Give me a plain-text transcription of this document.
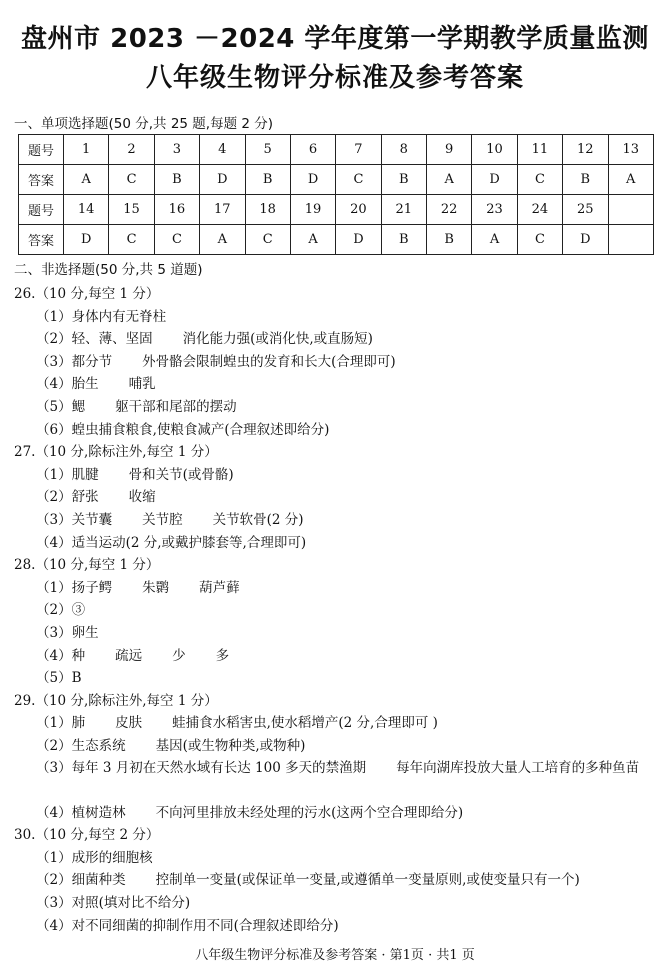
盘州市 2023 －2024 学年度第一学期教学质量监测
八年级生物评分标准及参考答案
一、单项选择题(50 分,共 25 题,每题 2 分)
题号	1	2	3	4	5	6	7	8	9	10	11	12	13
答案	A	C	B	D	B	D	C	B	A	D	C	B	A
题号	14	15	16	17	18	19	20	21	22	23	24	25	
答案	D	C	C	A	C	A	D	B	B	A	C	D	
二、非选择题(50 分,共 5 道题)
26.（10 分,每空 1 分）
（1）身体内有无脊柱
（2）轻、薄、坚固 消化能力强(或消化快,或直肠短)
（3）都分节 外骨骼会限制蝗虫的发育和长大(合理即可)
（4）胎生 哺乳
（5）鳃 躯干部和尾部的摆动
（6）蝗虫捕食粮食,使粮食减产(合理叙述即给分)
27.（10 分,除标注外,每空 1 分）
（1）肌腱 骨和关节(或骨骼)
（2）舒张 收缩
（3）关节囊 关节腔 关节软骨(2 分)
（4）适当运动(2 分,或戴护膝套等,合理即可)
28.（10 分,每空 1 分）
（1）扬子鳄 朱鹮 葫芦藓
（2）③
（3）卵生
（4）种 疏远 少 多
（5）B
29.（10 分,除标注外,每空 1 分）
（1）肺 皮肤 蛙捕食水稻害虫,使水稻增产(2 分,合理即可 )
（2）生态系统 基因(或生物种类,或物种)
（3）每年 3 月初在天然水域有长达 100 多天的禁渔期 每年向湖库投放大量人工培育的多种鱼苗
（4）植树造林 不向河里排放未经处理的污水(这两个空合理即给分)
30.（10 分,每空 2 分）
（1）成形的细胞核
（2）细菌种类 控制单一变量(或保证单一变量,或遵循单一变量原则,或使变量只有一个)
（3）对照(填对比不给分)
（4）对不同细菌的抑制作用不同(合理叙述即给分)
八年级生物评分标准及参考答案 · 第1页 · 共1 页
